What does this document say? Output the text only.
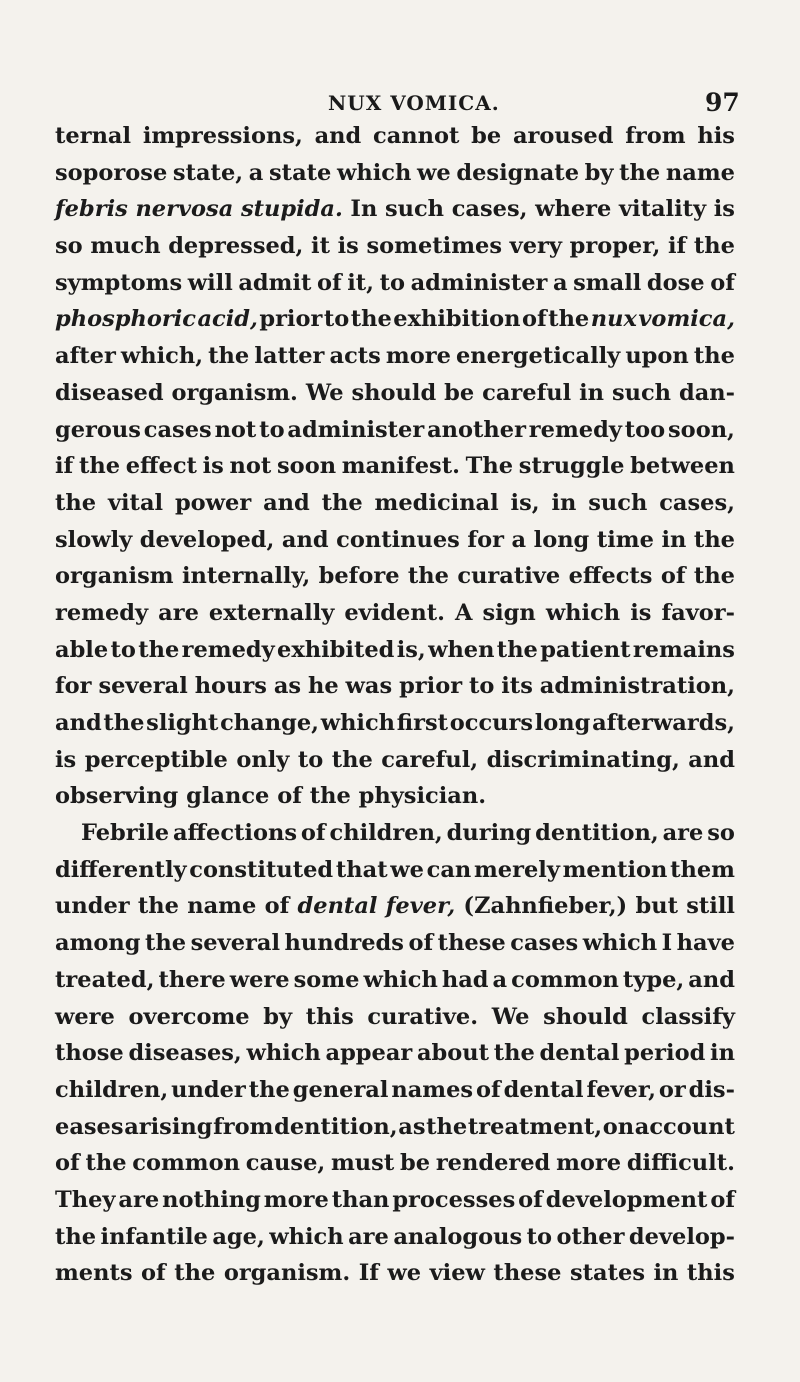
NUX VOMICA.	97
ternal impressions, and cannot be aroused from his
soporose state, a state which we designate by the name
febris nervosa stupida. In such cases, where vitality is
so much depressed, it is sometimes very proper, if the
symptoms will admit of it, to administer a small dose of
phosphoric acid, prior to the exhibition of the nux vomica,
after which, the latter acts more energetically upon the
diseased organism. We should be careful in such dan-
gerous cases not to administer another remedy too soon,
if the effect is not soon manifest. The struggle between
the vital power and the medicinal is, in such cases,
slowly developed, and continues for a long time in the
organism internally, before the curative effects of the
remedy are externally evident. A sign which is favor-
able to the remedy exhibited is, when the patient remains
for several hours as he was prior to its administration,
and the slight change, which first occurs long afterwards,
is perceptible only to the careful, discriminating, and
observing glance of the physician.
Febrile affections of children, during dentition, are so
differently constituted that we can merely mention them
under the name of dental fever, (Zahnfieber,) but still
among the several hundreds of these cases which I have
treated, there were some which had a common type, and
were overcome by this curative. We should classify
those diseases, which appear about the dental period in
children, under the general names of dental fever, or dis-
eases arising from dentition, as the treatment, on account
of the common cause, must be rendered more difficult.
They are nothing more than processes of development of
the infantile age, which are analogous to other develop-
ments of the organism. If we view these states in this
